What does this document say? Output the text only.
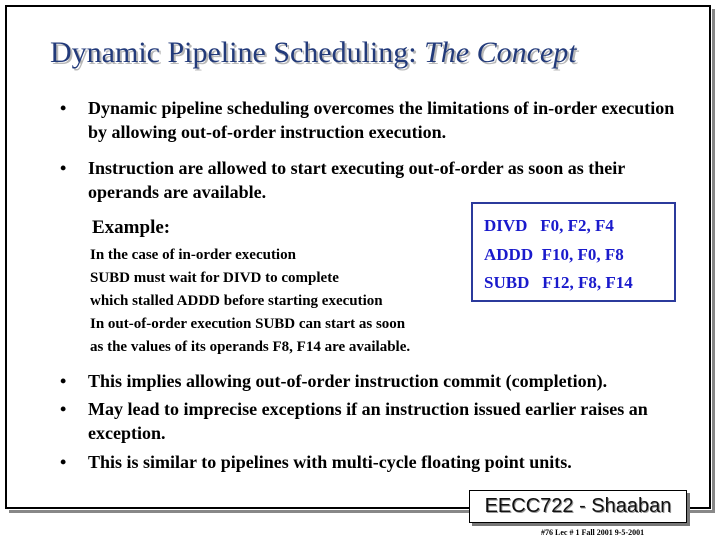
Dynamic Pipeline Scheduling: The Concept
• Dynamic pipeline scheduling overcomes the limitations of in-order execution by allowing out-of-order instruction execution.
• Instruction are allowed to start executing out-of-order as soon as their operands are available.
Example:
In the case of in-order execution
SUBD must wait for DIVD to complete
which stalled ADDD before starting execution
In out-of-order execution SUBD can start as soon
as the values of its operands F8, F14 are available.
DIVD   F0, F2, F4
ADDD  F10, F0, F8
SUBD   F12, F8, F14
• This implies allowing out-of-order instruction commit (completion).
• May lead to imprecise exceptions if an instruction issued earlier raises an exception.
• This is similar to pipelines with multi-cycle floating point units.
EECC722 - Shaaban
#76 Lec # 1 Fall 2001 9-5-2001
